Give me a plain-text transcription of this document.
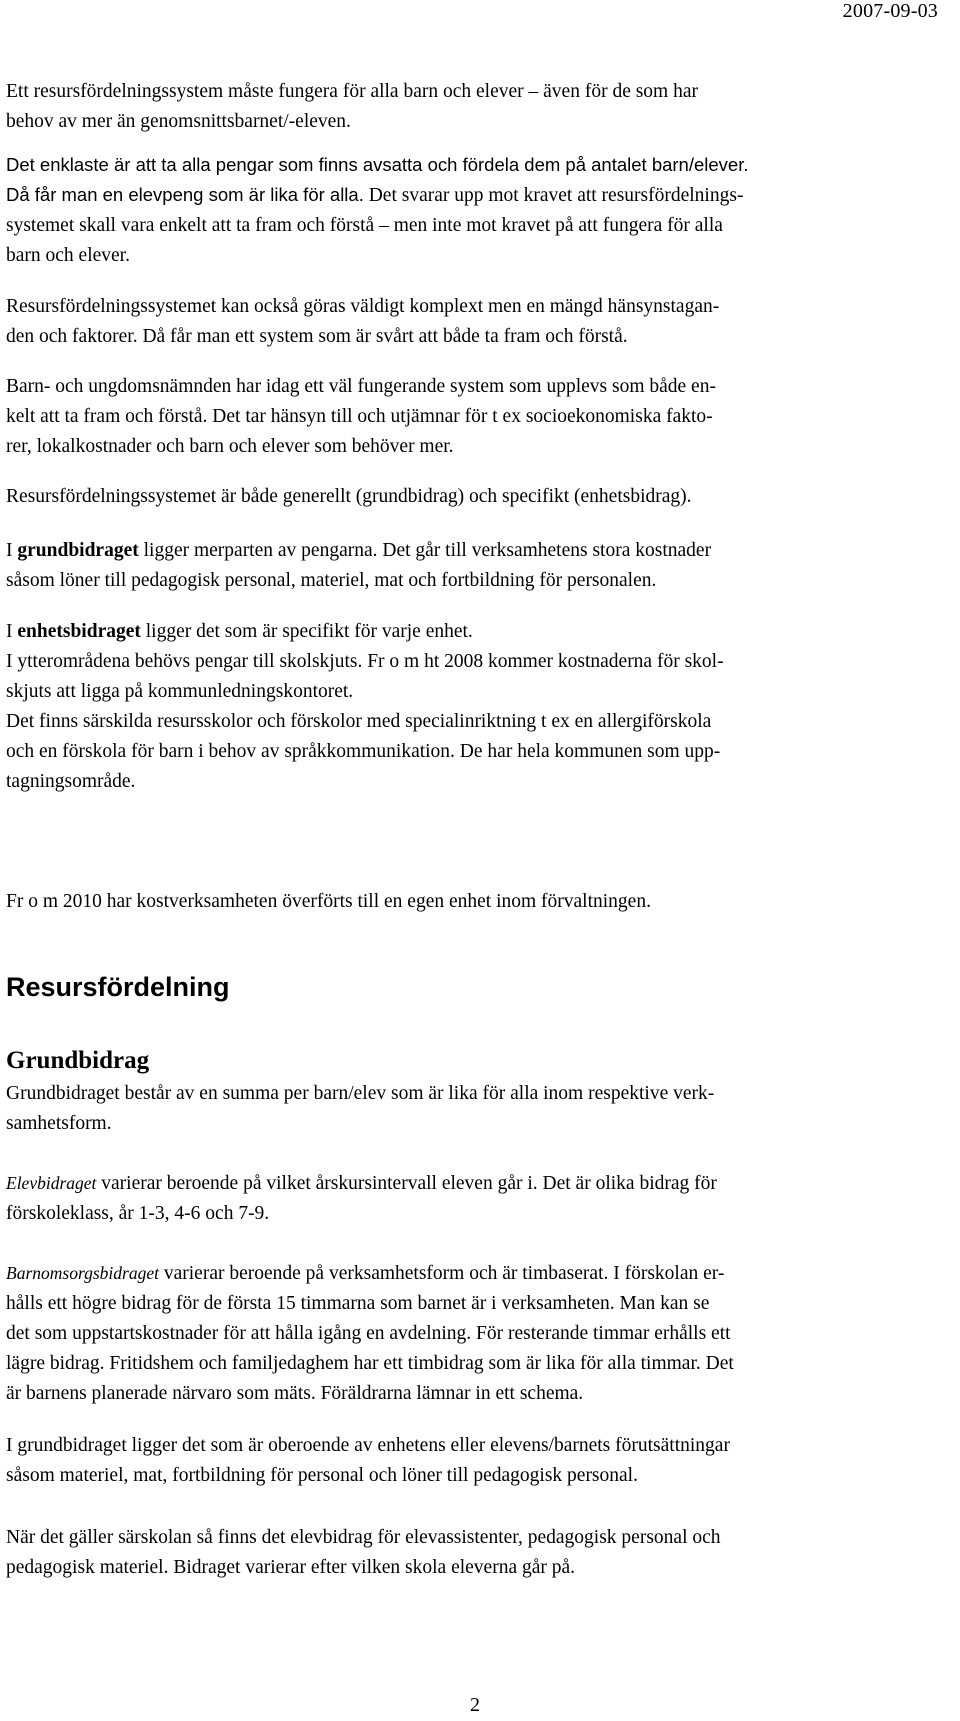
2007-09-03
Ett resursfördelningssystem måste fungera för alla barn och elever – även för de som har
behov av mer än genomsnittsbarnet/-eleven.
Det enklaste är att ta alla pengar som finns avsatta och fördela dem på antalet barn/elever.
Då får man en elevpeng som är lika för alla. Det svarar upp mot kravet att resursfördelnings-
systemet skall vara enkelt att ta fram och förstå – men inte mot kravet på att fungera för alla
barn och elever.
Resursfördelningssystemet kan också göras väldigt komplext men en mängd hänsynstagan-
den och faktorer. Då får man ett system som är svårt att både ta fram och förstå.
Barn- och ungdomsnämnden har idag ett väl fungerande system som upplevs som både en-
kelt att ta fram och förstå. Det tar hänsyn till och utjämnar för t ex socioekonomiska fakto-
rer, lokalkostnader och barn och elever som behöver mer.
Resursfördelningssystemet är både generellt (grundbidrag) och specifikt (enhetsbidrag).
I grundbidraget ligger merparten av pengarna. Det går till verksamhetens stora kostnader
såsom löner till pedagogisk personal, materiel, mat och fortbildning för personalen.
I enhetsbidraget ligger det som är specifikt för varje enhet.
I ytterområdena behövs pengar till skolskjuts. Fr o m ht 2008 kommer kostnaderna för skol-
skjuts att ligga på kommunledningskontoret.
Det finns särskilda resursskolor och förskolor med specialinriktning t ex en allergiförskola
och en förskola för barn i behov av språkkommunikation. De har hela kommunen som upp-
tagningsområde.
Fr o m 2010 har kostverksamheten överförts till en egen enhet inom förvaltningen.
Resursfördelning
Grundbidrag
Grundbidraget består av en summa per barn/elev som är lika för alla inom respektive verk-
samhetsform.
Elevbidraget varierar beroende på vilket årskursintervall eleven går i. Det är olika bidrag för
förskoleklass, år 1-3, 4-6 och 7-9.
Barnomsorgsbidraget varierar beroende på verksamhetsform och är timbaserat. I förskolan er-
hålls ett högre bidrag för de första 15 timmarna som barnet är i verksamheten. Man kan se
det som uppstartskostnader för att hålla igång en avdelning. För resterande timmar erhålls ett
lägre bidrag. Fritidshem och familjedaghem har ett timbidrag som är lika för alla timmar. Det
är barnens planerade närvaro som mäts. Föräldrarna lämnar in ett schema.
I grundbidraget ligger det som är oberoende av enhetens eller elevens/barnets förutsättningar
såsom materiel, mat, fortbildning för personal och löner till pedagogisk personal.
När det gäller särskolan så finns det elevbidrag för elevassistenter, pedagogisk personal och
pedagogisk materiel. Bidraget varierar efter vilken skola eleverna går på.
2
